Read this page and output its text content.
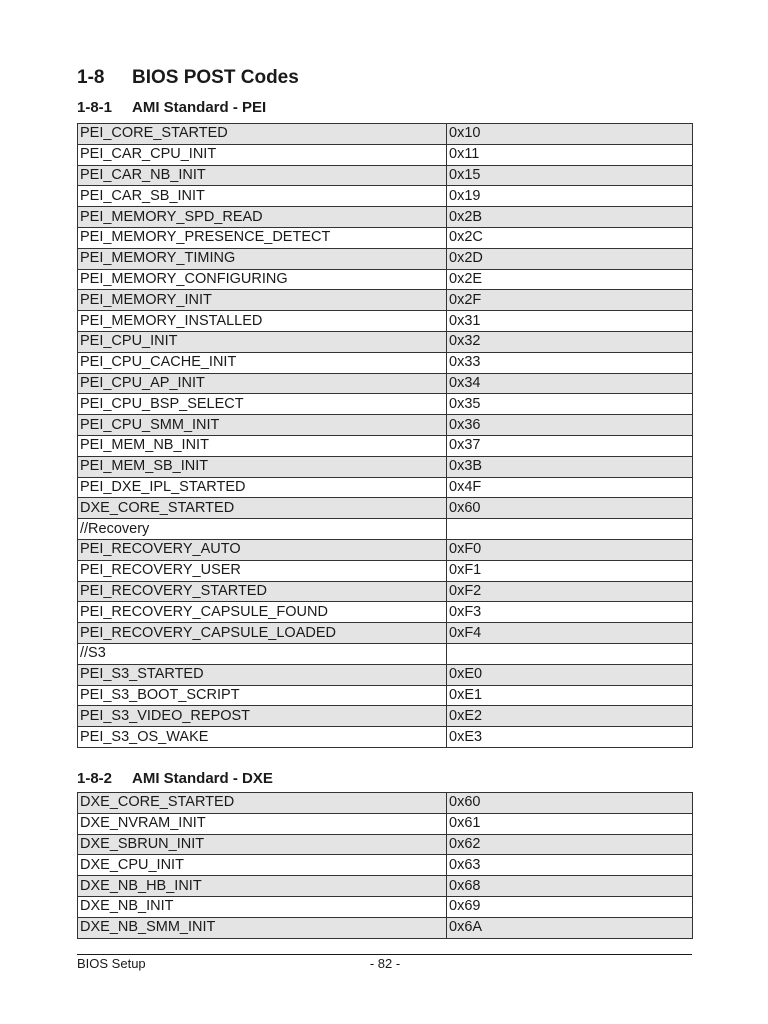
1-8 BIOS POST Codes
1-8-1 AMI Standard - PEI
PEI_CORE_STARTED	0x10
PEI_CAR_CPU_INIT	0x11
PEI_CAR_NB_INIT	0x15
PEI_CAR_SB_INIT	0x19
PEI_MEMORY_SPD_READ	0x2B
PEI_MEMORY_PRESENCE_DETECT	0x2C
PEI_MEMORY_TIMING	0x2D
PEI_MEMORY_CONFIGURING	0x2E
PEI_MEMORY_INIT	0x2F
PEI_MEMORY_INSTALLED	0x31
PEI_CPU_INIT	0x32
PEI_CPU_CACHE_INIT	0x33
PEI_CPU_AP_INIT	0x34
PEI_CPU_BSP_SELECT	0x35
PEI_CPU_SMM_INIT	0x36
PEI_MEM_NB_INIT	0x37
PEI_MEM_SB_INIT	0x3B
PEI_DXE_IPL_STARTED	0x4F
DXE_CORE_STARTED	0x60
//Recovery	
PEI_RECOVERY_AUTO	0xF0
PEI_RECOVERY_USER	0xF1
PEI_RECOVERY_STARTED	0xF2
PEI_RECOVERY_CAPSULE_FOUND	0xF3
PEI_RECOVERY_CAPSULE_LOADED	0xF4
//S3	
PEI_S3_STARTED	0xE0
PEI_S3_BOOT_SCRIPT	0xE1
PEI_S3_VIDEO_REPOST	0xE2
PEI_S3_OS_WAKE	0xE3
1-8-2 AMI Standard - DXE
DXE_CORE_STARTED	0x60
DXE_NVRAM_INIT	0x61
DXE_SBRUN_INIT	0x62
DXE_CPU_INIT	0x63
DXE_NB_HB_INIT	0x68
DXE_NB_INIT	0x69
DXE_NB_SMM_INIT	0x6A
BIOS Setup	- 82 -
